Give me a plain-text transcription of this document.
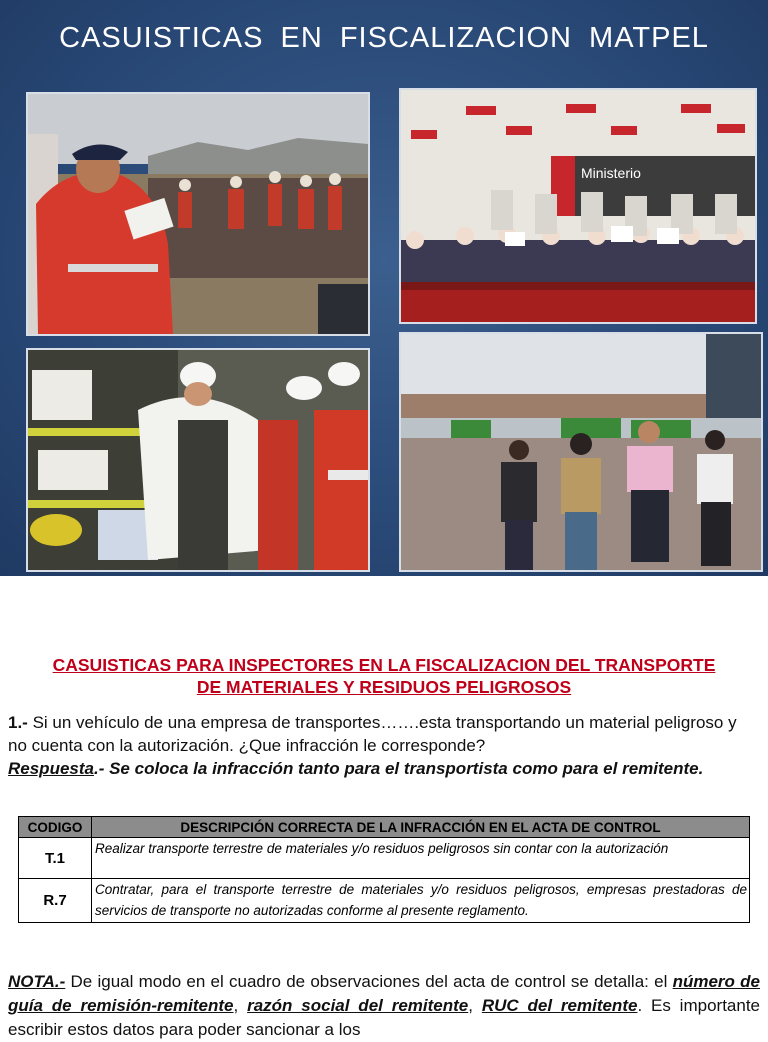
CASUISTICAS EN FISCALIZACION MATPEL
Ministerio
CASUISTICAS PARA INSPECTORES EN LA FISCALIZACION DEL TRANSPORTE
DE MATERIALES Y RESIDUOS PELIGROSOS
1.- Si un vehículo de una empresa de transportes…….esta transportando un material peligroso y no cuenta con la autorización. ¿Que infracción le corresponde?
Respuesta.- Se coloca la infracción tanto para el transportista como para el remitente.
CODIGO	DESCRIPCIÓN CORRECTA DE LA INFRACCIÓN EN EL ACTA DE CONTROL
T.1	Realizar transporte terrestre de materiales y/o residuos peligrosos sin contar con la autorización
R.7	Contratar, para el transporte terrestre de materiales y/o residuos peligrosos, empresas prestadoras de servicios de transporte no autorizadas conforme al presente reglamento.
NOTA.- De igual modo en el cuadro de observaciones del acta de control se detalla: el número de guía de remisión-remitente, razón social del remitente, RUC del remitente. Es importante escribir estos datos para poder sancionar a los
